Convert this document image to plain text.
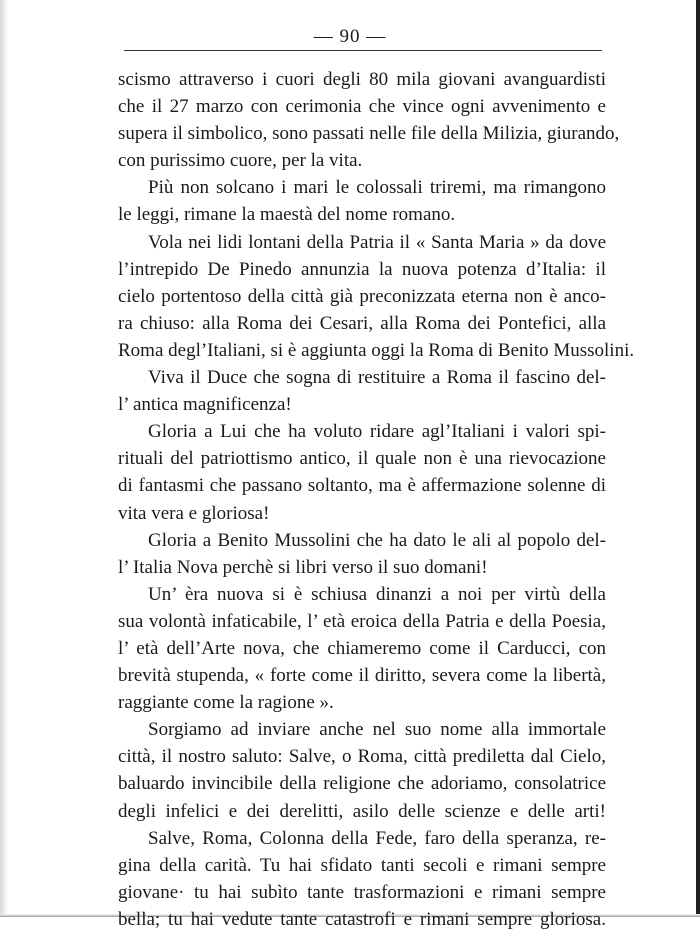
— 90 —
scismo attraverso i cuori degli 80 mila giovani avanguardisti
che il 27 marzo con cerimonia che vince ogni avvenimento e
supera il simbolico, sono passati nelle file della Milizia, giurando,
con purissimo cuore, per la vita.
Più non solcano i mari le colossali triremi, ma rimangono
le leggi, rimane la maestà del nome romano.
Vola nei lidi lontani della Patria il « Santa Maria » da dove
l’intrepido De Pinedo annunzia la nuova potenza d’Italia: il
cielo portentoso della città già preconizzata eterna non è anco-
ra chiuso: alla Roma dei Cesari, alla Roma dei Pontefici, alla
Roma degl’Italiani, si è aggiunta oggi la Roma di Benito Mussolini.
Viva il Duce che sogna di restituire a Roma il fascino del-
l’ antica magnificenza!
Gloria a Lui che ha voluto ridare agl’Italiani i valori spi-
rituali del patriottismo antico, il quale non è una rievocazione
di fantasmi che passano soltanto, ma è affermazione solenne di
vita vera e gloriosa!
Gloria a Benito Mussolini che ha dato le ali al popolo del-
l’ Italia Nova perchè si libri verso il suo domani!
Un’ èra nuova si è schiusa dinanzi a noi per virtù della
sua volontà infaticabile, l’ età eroica della Patria e della Poesia,
l’ età dell’Arte nova, che chiameremo come il Carducci, con
brevità stupenda, « forte come il diritto, severa come la libertà,
raggiante come la ragione ».
Sorgiamo ad inviare anche nel suo nome alla immortale
città, il nostro saluto: Salve, o Roma, città prediletta dal Cielo,
baluardo invincibile della religione che adoriamo, consolatrice
degli infelici e dei derelitti, asilo delle scienze e delle arti!
Salve, Roma, Colonna della Fede, faro della speranza, re-
gina della carità. Tu hai sfidato tanti secoli e rimani sempre
giovane· tu hai subìto tante trasformazioni e rimani sempre
bella; tu hai vedute tante catastrofi e rimani sempre gloriosa.
